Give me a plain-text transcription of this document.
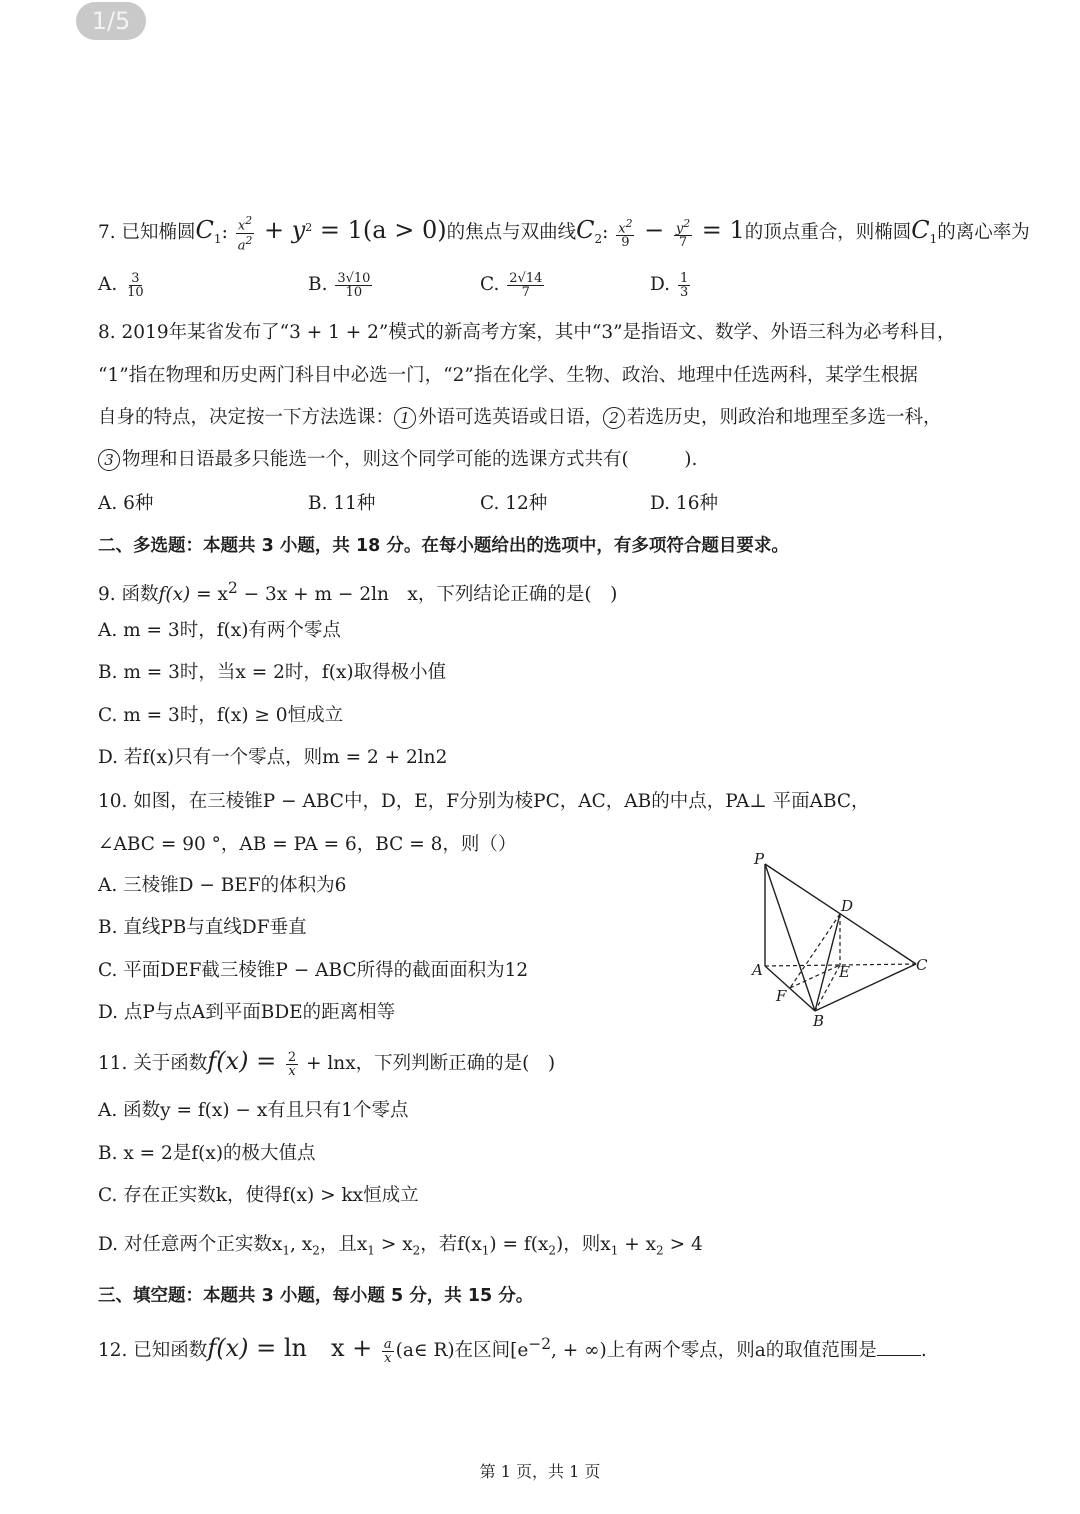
1/5
7. 已知椭圆$C_1$: $\frac{x^2}{a^2} + y^2 = 1(a > 0)$的焦点与双曲线$C_2$: $\frac{x^2}{9} - \frac{y^2}{7} = 1$的顶点重合，则椭圆$C_1$的离心率为
A. $\frac{3}{10}$	B. $\frac{3√10}{10}$	C. $\frac{2√14}{7}$	D. $\frac{1}{3}$
8. 2019年某省发布了“3 + 1 + 2”模式的新高考方案，其中“3”是指语文、数学、外语三科为必考科目，
“1”指在物理和历史两门科目中必选一门，“2”指在化学、生物、政治、地理中任选两科，某学生根据
自身的特点，决定按一下方法选课： 1 外语可选英语或日语， 2 若选历史，则政治和地理至多选一科，
3 物理和日语最多只能选一个，则这个同学可能的选课方式共有(　　　).
A. 6种	B. 11种	C. 12种	D. 16种
二、多选题：本题共 3 小题，共 18 分。在每小题给出的选项中，有多项符合题目要求。
9. 函数$f(x) = x^2 - 3x + m - 2\ln$　x，下列结论正确的是(　)
A. m = 3时，f(x)有两个零点
B. m = 3时，当x = 2时，f(x)取得极小值
C. m = 3时，f(x) ≥ 0恒成立
D. 若f(x)只有一个零点，则m = 2 + 2ln2
10. 如图，在三棱锥P − ABC中，D，E，F分别为棱PC，AC，AB的中点，PA⊥ 平面ABC，
∠ABC = 90 °，AB = PA = 6，BC = 8，则（）
A. 三棱锥D − BEF的体积为6
B. 直线PB与直线DF垂直
C. 平面DEF截三棱锥P − ABC所得的截面面积为12
D. 点P与点A到平面BDE的距离相等
P
D
A	E	C
F
B
11. 关于函数$f(x) = \frac{2}{x} + \ln x$，下列判断正确的是(　)
A. 函数y = f(x) − x有且只有1个零点
B. x = 2是f(x)的极大值点
C. 存在正实数k，使得f(x) > kx恒成立
D. 对任意两个正实数$x_1$, $x_2$，且$x_1 > x_2$，若$f(x_1) = f(x_2)$，则$x_1 + x_2 > 4$
三、填空题：本题共 3 小题，每小题 5 分，共 15 分。
12. 已知函数f(x) = ln　$x + \frac{a}{x}$ (a∈ R)在区间[$e^{-2}$, + ∞)上有两个零点，则a的取值范围是 .
第 1 页，共 1 页
